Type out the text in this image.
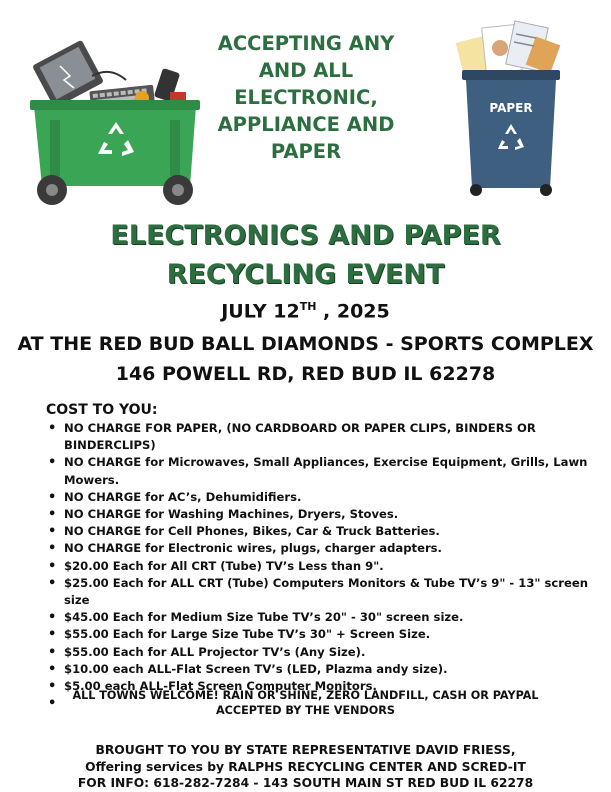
PAPER
ACCEPTING ANY
AND ALL
ELECTRONIC,
APPLIANCE AND
PAPER
ELECTRONICS AND PAPER
RECYCLING EVENT
JULY 12TH , 2025
AT THE RED BUD BALL DIAMONDS - SPORTS COMPLEX
146 POWELL RD, RED BUD IL 62278
COST TO YOU:
• NO CHARGE FOR PAPER, (NO CARDBOARD OR PAPER CLIPS, BINDERS OR BINDERCLIPS)
• NO CHARGE for Microwaves, Small Appliances, Exercise Equipment, Grills, Lawn Mowers.
• NO CHARGE for AC’s, Dehumidifiers.
• NO CHARGE for Washing Machines, Dryers, Stoves.
• NO CHARGE for Cell Phones, Bikes, Car & Truck Batteries.
• NO CHARGE for Electronic wires, plugs, charger adapters.
• $20.00 Each for All CRT (Tube) TV’s Less than 9".
• $25.00 Each for ALL CRT (Tube) Computers Monitors & Tube TV’s 9" - 13" screen size
• $45.00 Each for Medium Size Tube TV’s 20" - 30" screen size.
• $55.00 Each for Large Size Tube TV’s 30" + Screen Size.
• $55.00 Each for ALL Projector TV’s (Any Size).
• $10.00 each ALL-Flat Screen TV’s (LED, Plazma andy size).
• $5.00 each ALL-Flat Screen Computer Monitors.
•
ALL TOWNS WELCOME! RAIN OR SHINE, ZERO LANDFILL, CASH OR PAYPAL
ACCEPTED BY THE VENDORS
BROUGHT TO YOU BY STATE REPRESENTATIVE DAVID FRIESS,
Offering services by RALPHS RECYCLING CENTER AND SCRED-IT
FOR INFO: 618-282-7284 - 143 SOUTH MAIN ST RED BUD IL 62278
